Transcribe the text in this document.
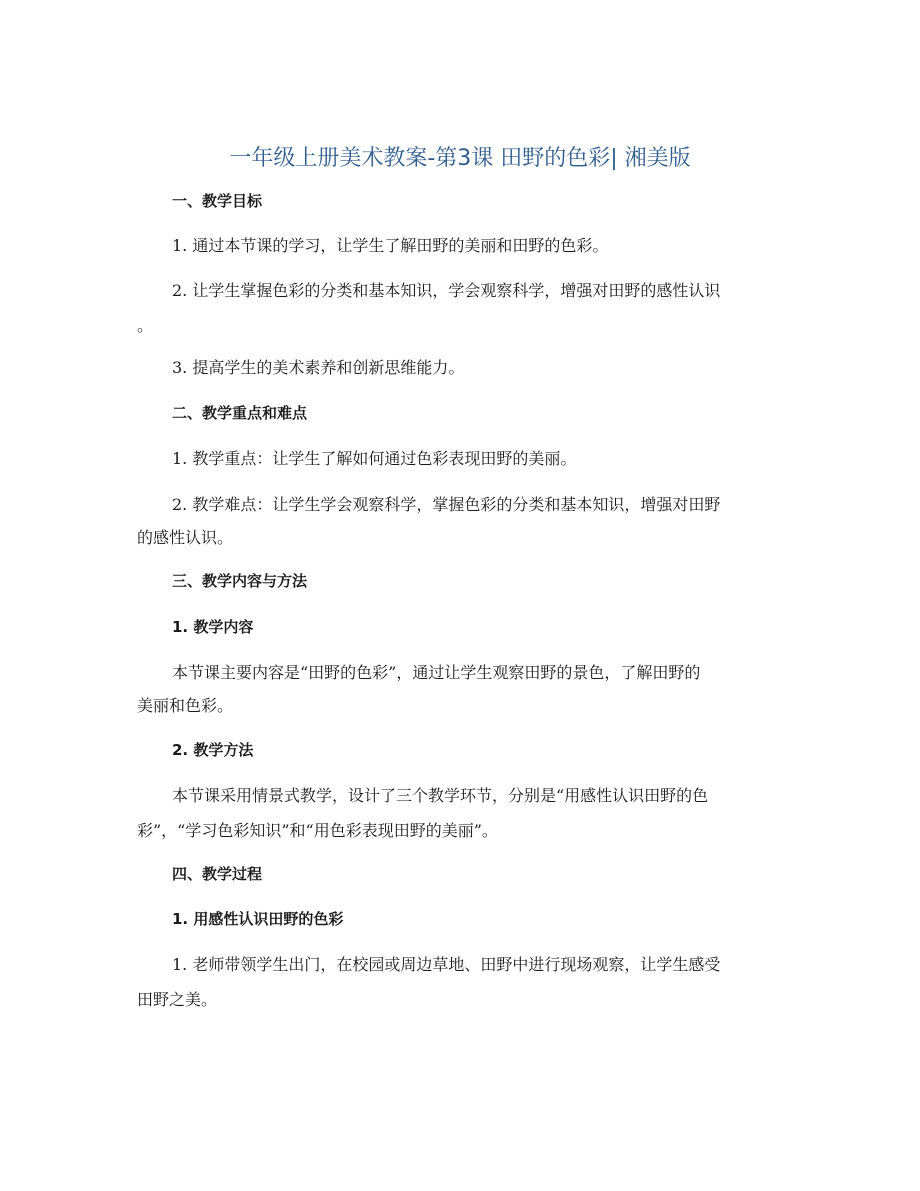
一年级上册美术教案-第3课 田野的色彩| 湘美版
一、教学目标
1. 通过本节课的学习，让学生了解田野的美丽和田野的色彩。
2. 让学生掌握色彩的分类和基本知识，学会观察科学，增强对田野的感性认识
。
3. 提高学生的美术素养和创新思维能力。
二、教学重点和难点
1. 教学重点：让学生了解如何通过色彩表现田野的美丽。
2. 教学难点：让学生学会观察科学，掌握色彩的分类和基本知识，增强对田野
的感性认识。
三、教学内容与方法
1. 教学内容
本节课主要内容是“田野的色彩”，通过让学生观察田野的景色，了解田野的
美丽和色彩。
2. 教学方法
本节课采用情景式教学，设计了三个教学环节，分别是“用感性认识田野的色
彩”，“学习色彩知识”和“用色彩表现田野的美丽”。
四、教学过程
1. 用感性认识田野的色彩
1. 老师带领学生出门，在校园或周边草地、田野中进行现场观察，让学生感受
田野之美。
